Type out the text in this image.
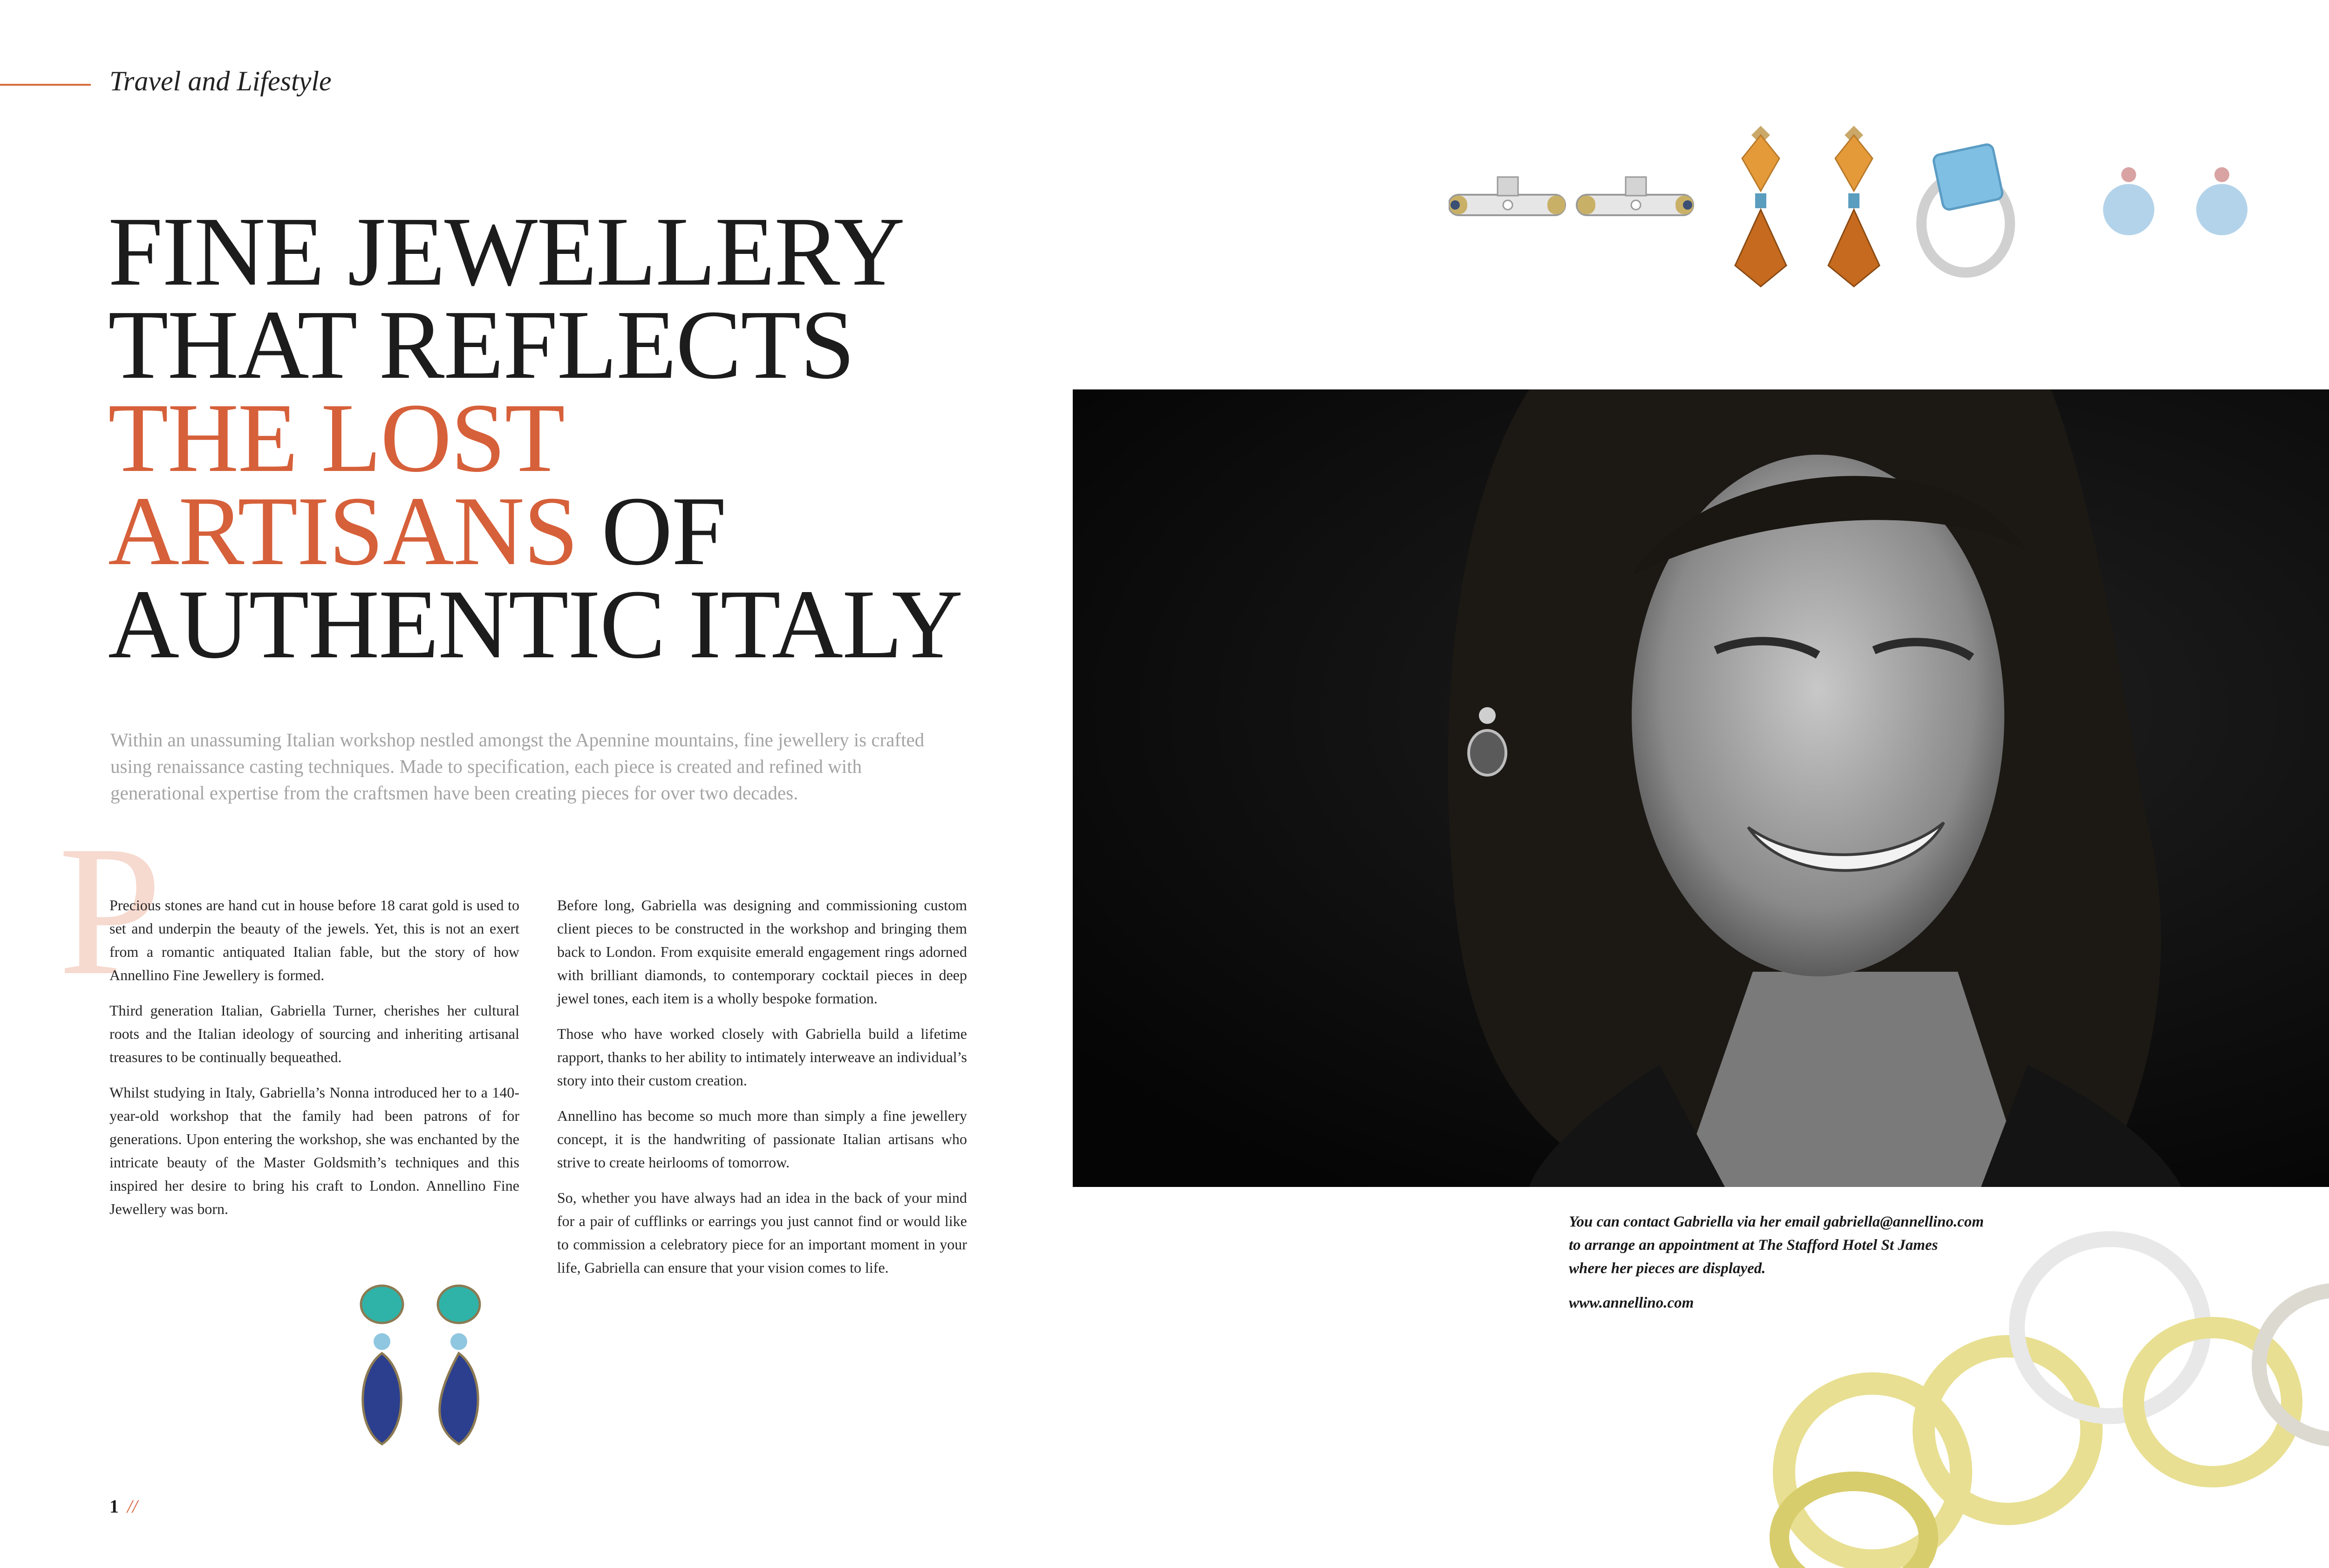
Travel and Lifestyle
FINE JEWELLERY
THAT REFLECTS
THE LOST
ARTISANS OF
AUTHENTIC ITALY
Within an unassuming Italian workshop nestled amongst the Apennine mountains, fine jewellery is crafted using renaissance casting techniques. Made to specification, each piece is created and refined with generational expertise from the craftsmen have been creating pieces for over two decades.
P

Precious stones are hand cut in house before 18 carat gold is used to set and underpin the beauty of the jewels. Yet, this is not an exert from a romantic antiquated Italian fable, but the story of how Annellino Fine Jewellery is formed.

Third generation Italian, Gabriella Turner, cherishes her cultural roots and the Italian ideology of sourcing and inheriting artisanal treasures to be continually bequeathed.

Whilst studying in Italy, Gabriella’s Nonna introduced her to a 140-year-old workshop that the family had been patrons of for generations. Upon entering the workshop, she was enchanted by the intricate beauty of the Master Goldsmith’s techniques and this inspired her desire to bring his craft to London. Annellino Fine Jewellery was born.

Before long, Gabriella was designing and commissioning custom client pieces to be constructed in the workshop and bringing them back to London. From exquisite emerald engagement rings adorned with brilliant diamonds, to contemporary cocktail pieces in deep jewel tones, each item is a wholly bespoke formation.

Those who have worked closely with Gabriella build a lifetime rapport, thanks to her ability to intimately interweave an individual’s story into their custom creation.

Annellino has become so much more than simply a fine jewellery concept, it is the handwriting of passionate Italian artisans who strive to create heirlooms of tomorrow.

So, whether you have always had an idea in the back of your mind for a pair of cufflinks or earrings you just cannot find or would like to commission a celebratory piece for an important moment in your life, Gabriella can ensure that your vision comes to life.

You can contact Gabriella via her email gabriella@annellino.com
to arrange an appointment at The Stafford Hotel St James
where her pieces are displayed.
www.annellino.com
1 //
